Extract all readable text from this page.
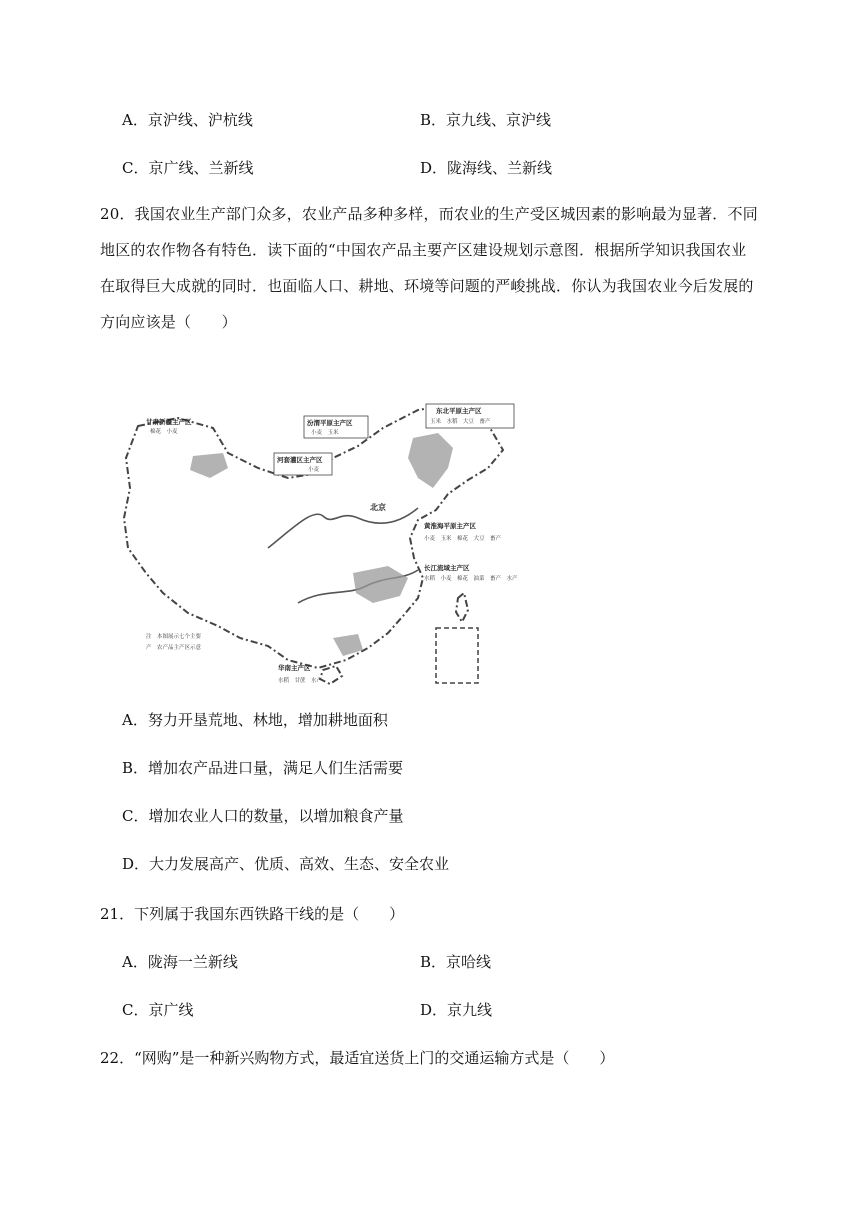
A．京沪线、沪杭线	B．京九线、京沪线
C．京广线、兰新线	D．陇海线、兰新线
20．我国农业生产部门众多，农业产品多种多样，而农业的生产受区城因素的影响最为显著．不同
地区的农作物各有特色．读下面的“中国农产品主要产区建设规划示意图．根据所学知识我国农业
在取得巨大成就的同时．也面临人口、耕地、环境等问题的严峻挑战．你认为我国农业今后发展的
方向应该是（　　）
甘肃新疆主产区
棉花　小麦
汾渭平原主产区
小麦　玉米
河套灌区主产区
小麦
东北平原主产区
玉米　水稻　大豆　畜产
黄淮海平原主产区
小麦　玉米　棉花　大豆　畜产
长江流域主产区
水稻　小麦　棉花　油菜　畜产　水产
华南主产区
水稻　甘蔗　水产
北京
注　本图展示七个主要
产　农产品主产区示意
A．努力开垦荒地、林地，增加耕地面积
B．增加农产品进口量，满足人们生活需要
C．增加农业人口的数量，以增加粮食产量
D．大力发展高产、优质、高效、生态、安全农业
21．下列属于我国东西铁路干线的是（　　）
A．陇海一兰新线	B．京哈线
C．京广线	D．京九线
22．“网购”是一种新兴购物方式，最适宜送货上门的交通运输方式是（　　）
